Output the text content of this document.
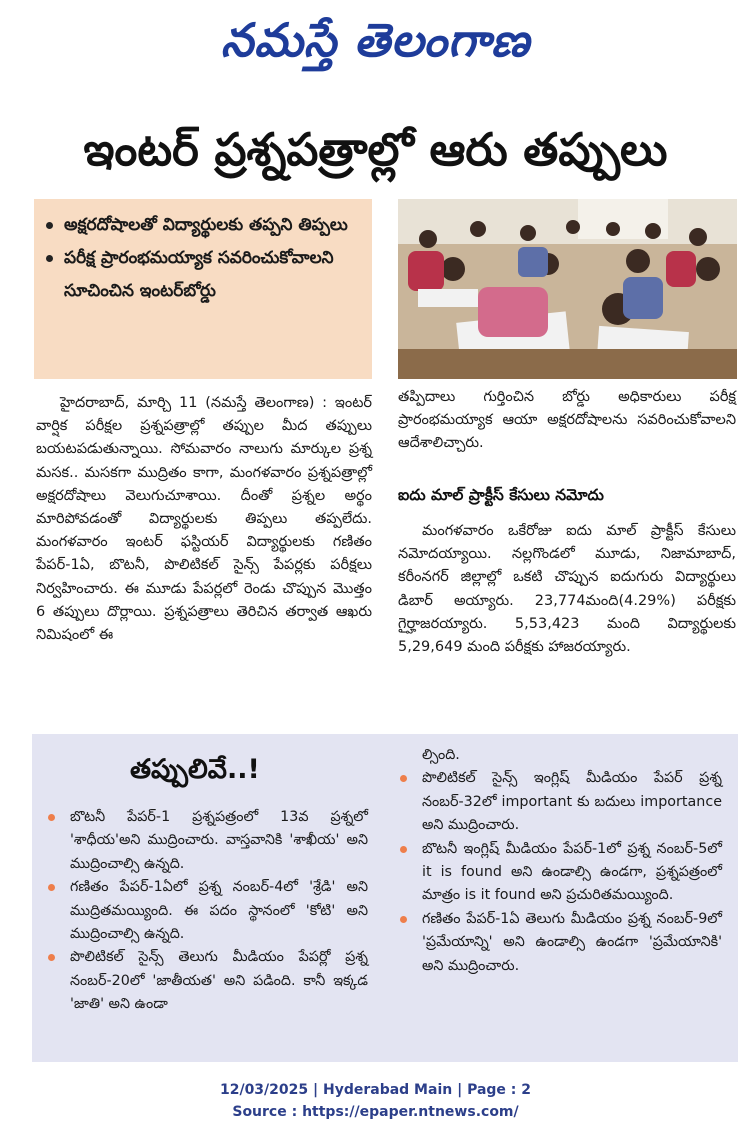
నమస్తే తెలంగాణ
ఇంటర్ ప్రశ్నపత్రాల్లో ఆరు తప్పులు
అక్షరదోషాలతో విద్యార్థులకు తప్పని తిప్పలు
పరీక్ష ప్రారంభమయ్యాక సవరించుకోవాలని సూచించిన ఇంటర్‌బోర్డు
హైదరాబాద్, మార్చి 11 (నమస్తే తెలంగాణ) : ఇంటర్ వార్షిక పరీక్షల ప్రశ్నపత్రాల్లో తప్పుల మీద తప్పులు బయటపడుతున్నాయి. సోమవారం నాలుగు మార్కుల ప్రశ్న మసక.. మసకగా ముద్రితం కాగా, మంగళవారం ప్రశ్నపత్రాల్లో అక్షరదోషాలు వెలుగుచూశాయి. దీంతో ప్రశ్నల అర్థం మారిపోవడంతో విద్యార్థులకు తిప్పలు తప్పలేదు. మంగళవారం ఇంటర్ ఫస్టియర్ విద్యార్థులకు గణితం పేపర్-1ఏ, బొటనీ, పొలిటికల్ సైన్స్ పేపర్లకు పరీక్షలు నిర్వహించారు. ఈ మూడు పేపర్లలో రెండు చొప్పున మొత్తం 6 తప్పులు దొర్లాయి. ప్రశ్నపత్రాలు తెరిచిన తర్వాత ఆఖరు నిమిషంలో ఈ
తప్పిదాలు గుర్తించిన బోర్డు అధికారులు పరీక్ష ప్రారంభమయ్యాక ఆయా అక్షరదోషాలను సవరించుకోవాలని ఆదేశాలిచ్చారు.
ఐదు మాల్ ప్రాక్టీస్ కేసులు నమోదు
మంగళవారం ఒకేరోజు ఐదు మాల్ ప్రాక్టీస్ కేసులు నమోదయ్యాయి. నల్లగొండలో మూడు, నిజామాబాద్, కరీంనగర్ జిల్లాల్లో ఒకటి చొప్పున ఐదుగురు విద్యార్థులు డిబార్ అయ్యారు. 23,774మంది(4.29%) పరీక్షకు గైర్హాజరయ్యారు. 5,53,423 మంది విద్యార్థులకు 5,29,649 మంది పరీక్షకు హాజరయ్యారు.
తప్పులివే..!
బొటనీ పేపర్-1 ప్రశ్నపత్రంలో 13వ ప్రశ్నలో 'శాధీయ'అని ముద్రించారు. వాస్తవానికి 'శాఖీయ' అని ముద్రించాల్సి ఉన్నది.
గణితం పేపర్-1ఏలో ప్రశ్న నంబర్-4లో 'శ్రేడి' అని ముద్రితమయ్యింది. ఈ పదం స్థానంలో 'కోటి' అని ముద్రించాల్సి ఉన్నది.
పొలిటికల్ సైన్స్ తెలుగు మీడియం పేపర్లో ప్రశ్న నంబర్-20లో 'జాతీయత' అని పడింది. కానీ ఇక్కడ 'జాతి' అని ఉండా
ల్సింది.
పొలిటికల్ సైన్స్ ఇంగ్లిష్ మీడియం పేపర్ ప్రశ్న నంబర్-32లో important కు బదులు importance అని ముద్రించారు.
బొటనీ ఇంగ్లిష్ మీడియం పేపర్-1లో ప్రశ్న నంబర్-5లో it is found అని ఉండాల్సి ఉండగా, ప్రశ్నపత్రంలో మాత్రం is it found అని ప్రచురితమయ్యింది.
గణితం పేపర్-1ఏ తెలుగు మీడియం ప్రశ్న నంబర్-9లో 'ప్రమేయాన్ని' అని ఉండాల్సి ఉండగా 'ప్రమేయానికి' అని ముద్రించారు.
12/03/2025 | Hyderabad Main | Page : 2
Source : https://epaper.ntnews.com/
